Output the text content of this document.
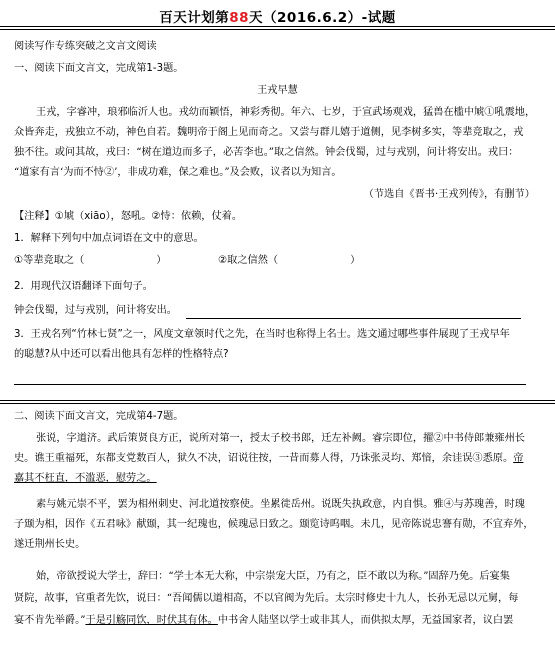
百天计划第88天（2016.6.2）-试题
阅读写作专练突破之文言文阅读
一、阅读下面文言文，完成第1-3题。
王戎早慧
王戎，字睿冲，琅邪临沂人也。戎幼而颖悟，神彩秀彻。年六、七岁，于宣武场观戏，猛兽在槛中虓①吼震地，
众皆奔走，戎独立不动，神色自若。魏明帝于阁上见而奇之。又尝与群儿嬉于道侧，见李树多实，等辈竞取之，戎
独不往。或问其故，戎曰：“树在道边而多子，必苦李也。”取之信然。钟会伐蜀，过与戎别，问计将安出。戎曰：
“道家有言‘为而不恃②’，非成功难，保之难也。”及会败，议者以为知言。
（节选自《晋书·王戎列传》，有删节）
【注释】①虓（xiāo），怒吼。②恃：依赖，仗着。
1．解释下列句中加点词语在文中的意思。
①等辈竞取之（	）	②取之信然（	）
2．用现代汉语翻译下面句子。
钟会伐蜀，过与戎别，问计将安出。
3．王戎名列“竹林七贤”之一，风度文章领时代之先，在当时也称得上名士。选文通过哪些事件展现了王戎早年
的聪慧?从中还可以看出他具有怎样的性格特点?
二、阅读下面文言文，完成第4-7题。
张说，字道济。武后策贤良方正，说所对第一，授太子校书郎，迁左补阙。睿宗即位，擢②中书侍郎兼雍州长
史。谯王重福死，东都支党数百人，狱久不决，诏说往按，一昔而募人得，乃诛张灵均、郑愔，余诖误③悉原。帝
嘉其不枉直，不滥恶，慰劳之。
素与姚元崇不平，罢为相州刺史、河北道按察使。坐累徙岳州。说既失执政意，内自惧。雅④与苏瑰善，时瑰
子颋为相，因作《五君咏》献颋，其一纪瑰也，候瑰忌日致之。颋览诗呜咽。未几，见帝陈说忠謇有勋，不宜弃外，
遂迁荆州长史。
始，帝欲授说大学士，辞曰：“学士本无大称，中宗崇宠大臣，乃有之，臣不敢以为称。”固辞乃免。后宴集
贤院，故事，官重者先饮，说曰：“吾闻儒以道相高，不以官阀为先后。太宗时修史十九人，长孙无忌以元舅，每
宴不肯先举爵。”于是引觞同饮，时伏其有体。中书舍人陆坚以学士或非其人，而供拟太厚，无益国家者，议白罢
